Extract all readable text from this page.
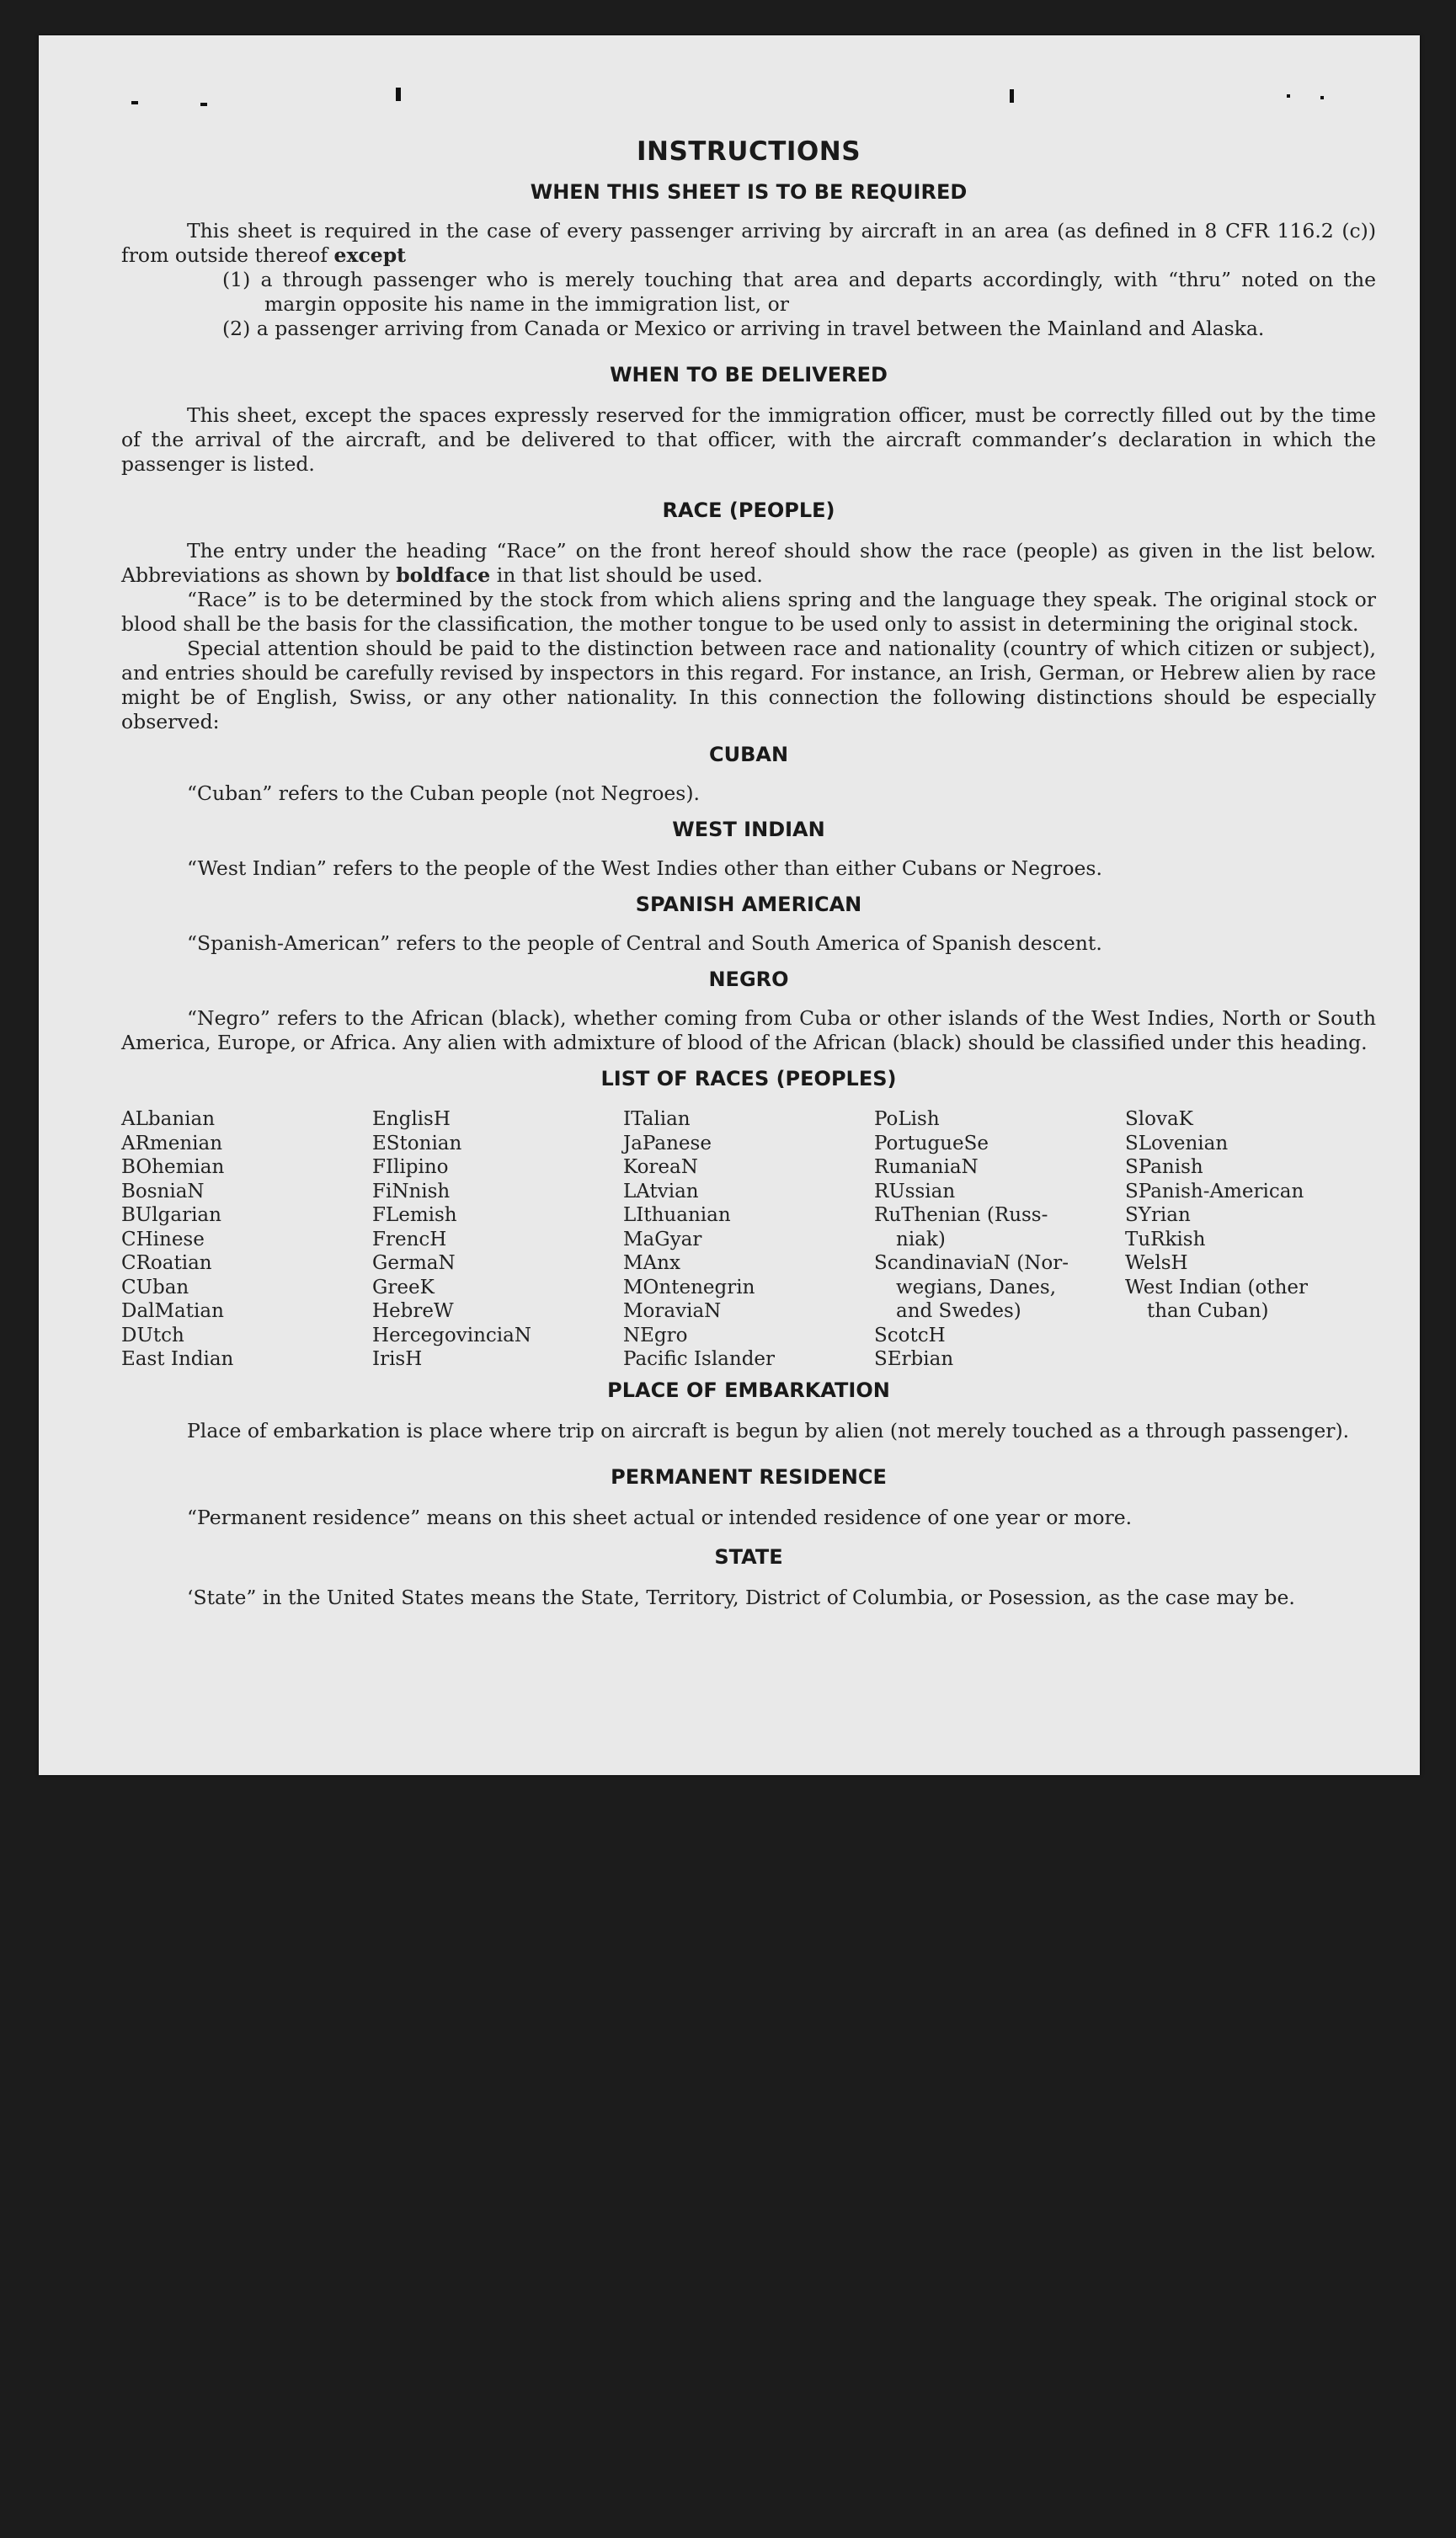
INSTRUCTIONS
WHEN THIS SHEET IS TO BE REQUIRED

This sheet is required in the case of every passenger arriving by aircraft in an area (as defined in 8 CFR 116.2 (c)) from outside thereof except

(1) a through passenger who is merely touching that area and departs accordingly, with “thru” noted on the margin opposite his name in the immigration list, or
(2) a passenger arriving from Canada or Mexico or arriving in travel between the Mainland and Alaska.
WHEN TO BE DELIVERED

This sheet, except the spaces expressly reserved for the immigration officer, must be correctly filled out by the time of the arrival of the aircraft, and be delivered to that officer, with the aircraft commander’s declaration in which the passenger is listed.

RACE (PEOPLE)

The entry under the heading “Race” on the front hereof should show the race (people) as given in the list below. Abbreviations as shown by boldface in that list should be used.

“Race” is to be determined by the stock from which aliens spring and the language they speak. The original stock or blood shall be the basis for the classification, the mother tongue to be used only to assist in determining the original stock.

Special attention should be paid to the distinction between race and nationality (country of which citizen or subject), and entries should be carefully revised by inspectors in this regard. For instance, an Irish, German, or Hebrew alien by race might be of English, Swiss, or any other nationality. In this connection the following distinctions should be especially observed:

CUBAN

“Cuban” refers to the Cuban people (not Negroes).

WEST INDIAN

“West Indian” refers to the people of the West Indies other than either Cubans or Negroes.

SPANISH AMERICAN

“Spanish-American” refers to the people of Central and South America of Spanish descent.

NEGRO

“Negro” refers to the African (black), whether coming from Cuba or other islands of the West Indies, North or South America, Europe, or Africa. Any alien with admixture of blood of the African (black) should be classified under this heading.

LIST OF RACES (PEOPLES)
ALbanian
ARmenian
BOhemian
BosniaN
BUlgarian
CHinese
CRoatian
CUban
DalMatian
DUtch
East Indian
EnglisH
EStonian
FIlipino
FiNnish
FLemish
FrencH
GermaN
GreeK
HebreW
HercegovinciaN
IrisH
ITalian
JaPanese
KoreaN
LAtvian
LIthuanian
MaGyar
MAnx
MOntenegrin
MoraviaN
NEgro
Pacific Islander
PoLish
PortugueSe
RumaniaN
RUssian
RuThenian (Russ-
niak)
ScandinaviaN (Nor-
wegians, Danes,
and Swedes)
ScotcH
SErbian
SlovaK
SLovenian
SPanish
SPanish-American
SYrian
TuRkish
WelsH
West Indian (other
than Cuban)
PLACE OF EMBARKATION

Place of embarkation is place where trip on aircraft is begun by alien (not merely touched as a through passenger).

PERMANENT RESIDENCE

“Permanent residence” means on this sheet actual or intended residence of one year or more.

STATE

‘State” in the United States means the State, Territory, District of Columbia, or Posession, as the case may be.
